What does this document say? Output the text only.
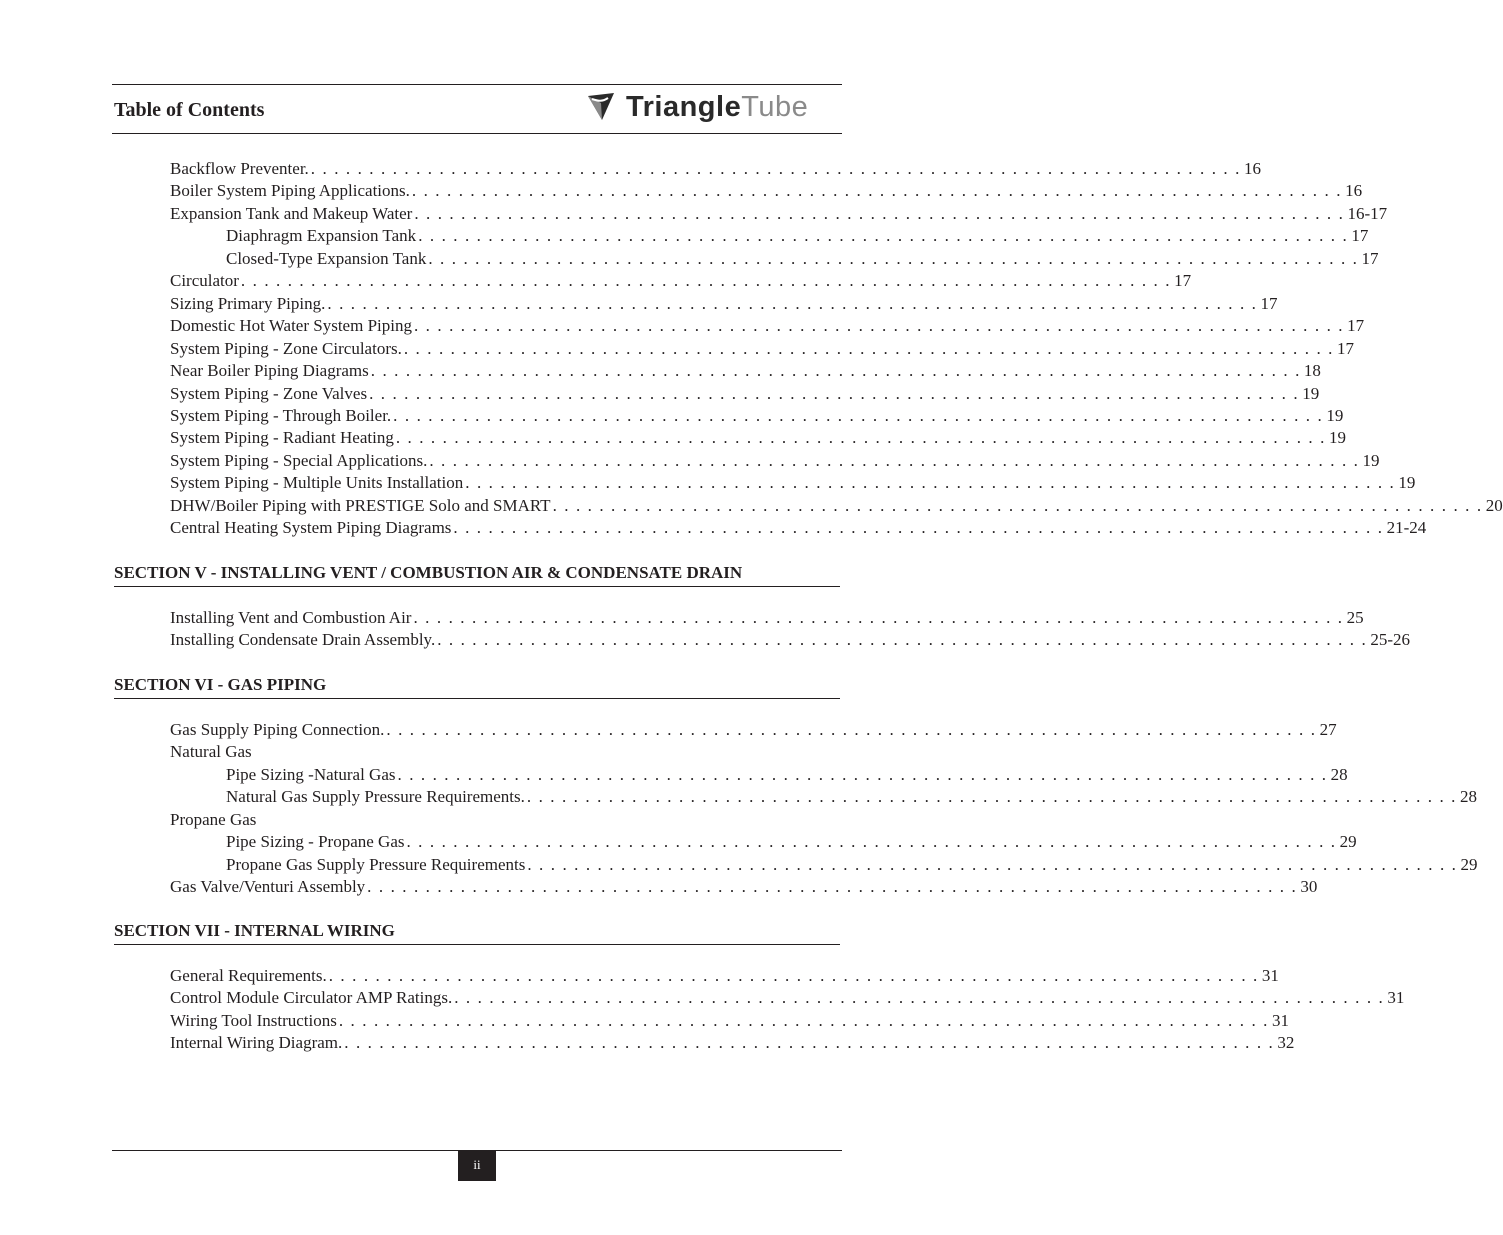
Table of Contents	TriangleTube
Backflow Preventer. . . . . . . . . . . . . . . . . . . . . . . . . . . . . . . . . . . . . . . . . . . . . . . . . . . . . . . . . . . . . . . . . . . . . . . . . . . . . . . . . 16
Boiler System Piping Applications. . . . . . . . . . . . . . . . . . . . . . . . . . . . . . . . . . . . . . . . . . . . . . . . . . . . . . . . . . . . . . . . . . . . . . . . . . . . . . . . . 16
Expansion Tank and Makeup Water . . . . . . . . . . . . . . . . . . . . . . . . . . . . . . . . . . . . . . . . . . . . . . . . . . . . . . . . . . . . . . . . . . . . . . . . . . . . . . . . 16-17
Diaphragm Expansion Tank . . . . . . . . . . . . . . . . . . . . . . . . . . . . . . . . . . . . . . . . . . . . . . . . . . . . . . . . . . . . . . . . . . . . . . . . . . . . . . . . 17
Closed-Type Expansion Tank . . . . . . . . . . . . . . . . . . . . . . . . . . . . . . . . . . . . . . . . . . . . . . . . . . . . . . . . . . . . . . . . . . . . . . . . . . . . . . . . 17
Circulator . . . . . . . . . . . . . . . . . . . . . . . . . . . . . . . . . . . . . . . . . . . . . . . . . . . . . . . . . . . . . . . . . . . . . . . . . . . . . . . . 17
Sizing Primary Piping. . . . . . . . . . . . . . . . . . . . . . . . . . . . . . . . . . . . . . . . . . . . . . . . . . . . . . . . . . . . . . . . . . . . . . . . . . . . . . . . . 17
Domestic Hot Water System Piping . . . . . . . . . . . . . . . . . . . . . . . . . . . . . . . . . . . . . . . . . . . . . . . . . . . . . . . . . . . . . . . . . . . . . . . . . . . . . . . . 17
System Piping - Zone Circulators. . . . . . . . . . . . . . . . . . . . . . . . . . . . . . . . . . . . . . . . . . . . . . . . . . . . . . . . . . . . . . . . . . . . . . . . . . . . . . . . . 17
Near Boiler Piping Diagrams . . . . . . . . . . . . . . . . . . . . . . . . . . . . . . . . . . . . . . . . . . . . . . . . . . . . . . . . . . . . . . . . . . . . . . . . . . . . . . . . 18
System Piping - Zone Valves . . . . . . . . . . . . . . . . . . . . . . . . . . . . . . . . . . . . . . . . . . . . . . . . . . . . . . . . . . . . . . . . . . . . . . . . . . . . . . . . 19
System Piping - Through Boiler. . . . . . . . . . . . . . . . . . . . . . . . . . . . . . . . . . . . . . . . . . . . . . . . . . . . . . . . . . . . . . . . . . . . . . . . . . . . . . . . . 19
System Piping - Radiant Heating . . . . . . . . . . . . . . . . . . . . . . . . . . . . . . . . . . . . . . . . . . . . . . . . . . . . . . . . . . . . . . . . . . . . . . . . . . . . . . . . 19
System Piping - Special Applications. . . . . . . . . . . . . . . . . . . . . . . . . . . . . . . . . . . . . . . . . . . . . . . . . . . . . . . . . . . . . . . . . . . . . . . . . . . . . . . . . 19
System Piping - Multiple Units Installation . . . . . . . . . . . . . . . . . . . . . . . . . . . . . . . . . . . . . . . . . . . . . . . . . . . . . . . . . . . . . . . . . . . . . . . . . . . . . . . . 19
DHW/Boiler Piping with PRESTIGE Solo and SMART . . . . . . . . . . . . . . . . . . . . . . . . . . . . . . . . . . . . . . . . . . . . . . . . . . . . . . . . . . . . . . . . . . . . . . . . . . . . . . . . 20
Central Heating System Piping Diagrams . . . . . . . . . . . . . . . . . . . . . . . . . . . . . . . . . . . . . . . . . . . . . . . . . . . . . . . . . . . . . . . . . . . . . . . . . . . . . . . . 21-24
SECTION V - INSTALLING VENT / COMBUSTION AIR & CONDENSATE DRAIN
Installing Vent and Combustion Air . . . . . . . . . . . . . . . . . . . . . . . . . . . . . . . . . . . . . . . . . . . . . . . . . . . . . . . . . . . . . . . . . . . . . . . . . . . . . . . . 25
Installing Condensate Drain Assembly. . . . . . . . . . . . . . . . . . . . . . . . . . . . . . . . . . . . . . . . . . . . . . . . . . . . . . . . . . . . . . . . . . . . . . . . . . . . . . . . . 25-26
SECTION VI - GAS PIPING
Gas Supply Piping Connection. . . . . . . . . . . . . . . . . . . . . . . . . . . . . . . . . . . . . . . . . . . . . . . . . . . . . . . . . . . . . . . . . . . . . . . . . . . . . . . . . 27
Natural Gas
Pipe Sizing -Natural Gas . . . . . . . . . . . . . . . . . . . . . . . . . . . . . . . . . . . . . . . . . . . . . . . . . . . . . . . . . . . . . . . . . . . . . . . . . . . . . . . . 28
Natural Gas Supply Pressure Requirements. . . . . . . . . . . . . . . . . . . . . . . . . . . . . . . . . . . . . . . . . . . . . . . . . . . . . . . . . . . . . . . . . . . . . . . . . . . . . . . . . 28
Propane Gas
Pipe Sizing - Propane Gas . . . . . . . . . . . . . . . . . . . . . . . . . . . . . . . . . . . . . . . . . . . . . . . . . . . . . . . . . . . . . . . . . . . . . . . . . . . . . . . . 29
Propane Gas Supply Pressure Requirements . . . . . . . . . . . . . . . . . . . . . . . . . . . . . . . . . . . . . . . . . . . . . . . . . . . . . . . . . . . . . . . . . . . . . . . . . . . . . . . . 29
Gas Valve/Venturi Assembly . . . . . . . . . . . . . . . . . . . . . . . . . . . . . . . . . . . . . . . . . . . . . . . . . . . . . . . . . . . . . . . . . . . . . . . . . . . . . . . . 30
SECTION VII - INTERNAL WIRING
General Requirements. . . . . . . . . . . . . . . . . . . . . . . . . . . . . . . . . . . . . . . . . . . . . . . . . . . . . . . . . . . . . . . . . . . . . . . . . . . . . . . . . 31
Control Module Circulator AMP Ratings. . . . . . . . . . . . . . . . . . . . . . . . . . . . . . . . . . . . . . . . . . . . . . . . . . . . . . . . . . . . . . . . . . . . . . . . . . . . . . . . . 31
Wiring Tool Instructions . . . . . . . . . . . . . . . . . . . . . . . . . . . . . . . . . . . . . . . . . . . . . . . . . . . . . . . . . . . . . . . . . . . . . . . . . . . . . . . . 31
Internal Wiring Diagram. . . . . . . . . . . . . . . . . . . . . . . . . . . . . . . . . . . . . . . . . . . . . . . . . . . . . . . . . . . . . . . . . . . . . . . . . . . . . . . . . 32
ii
